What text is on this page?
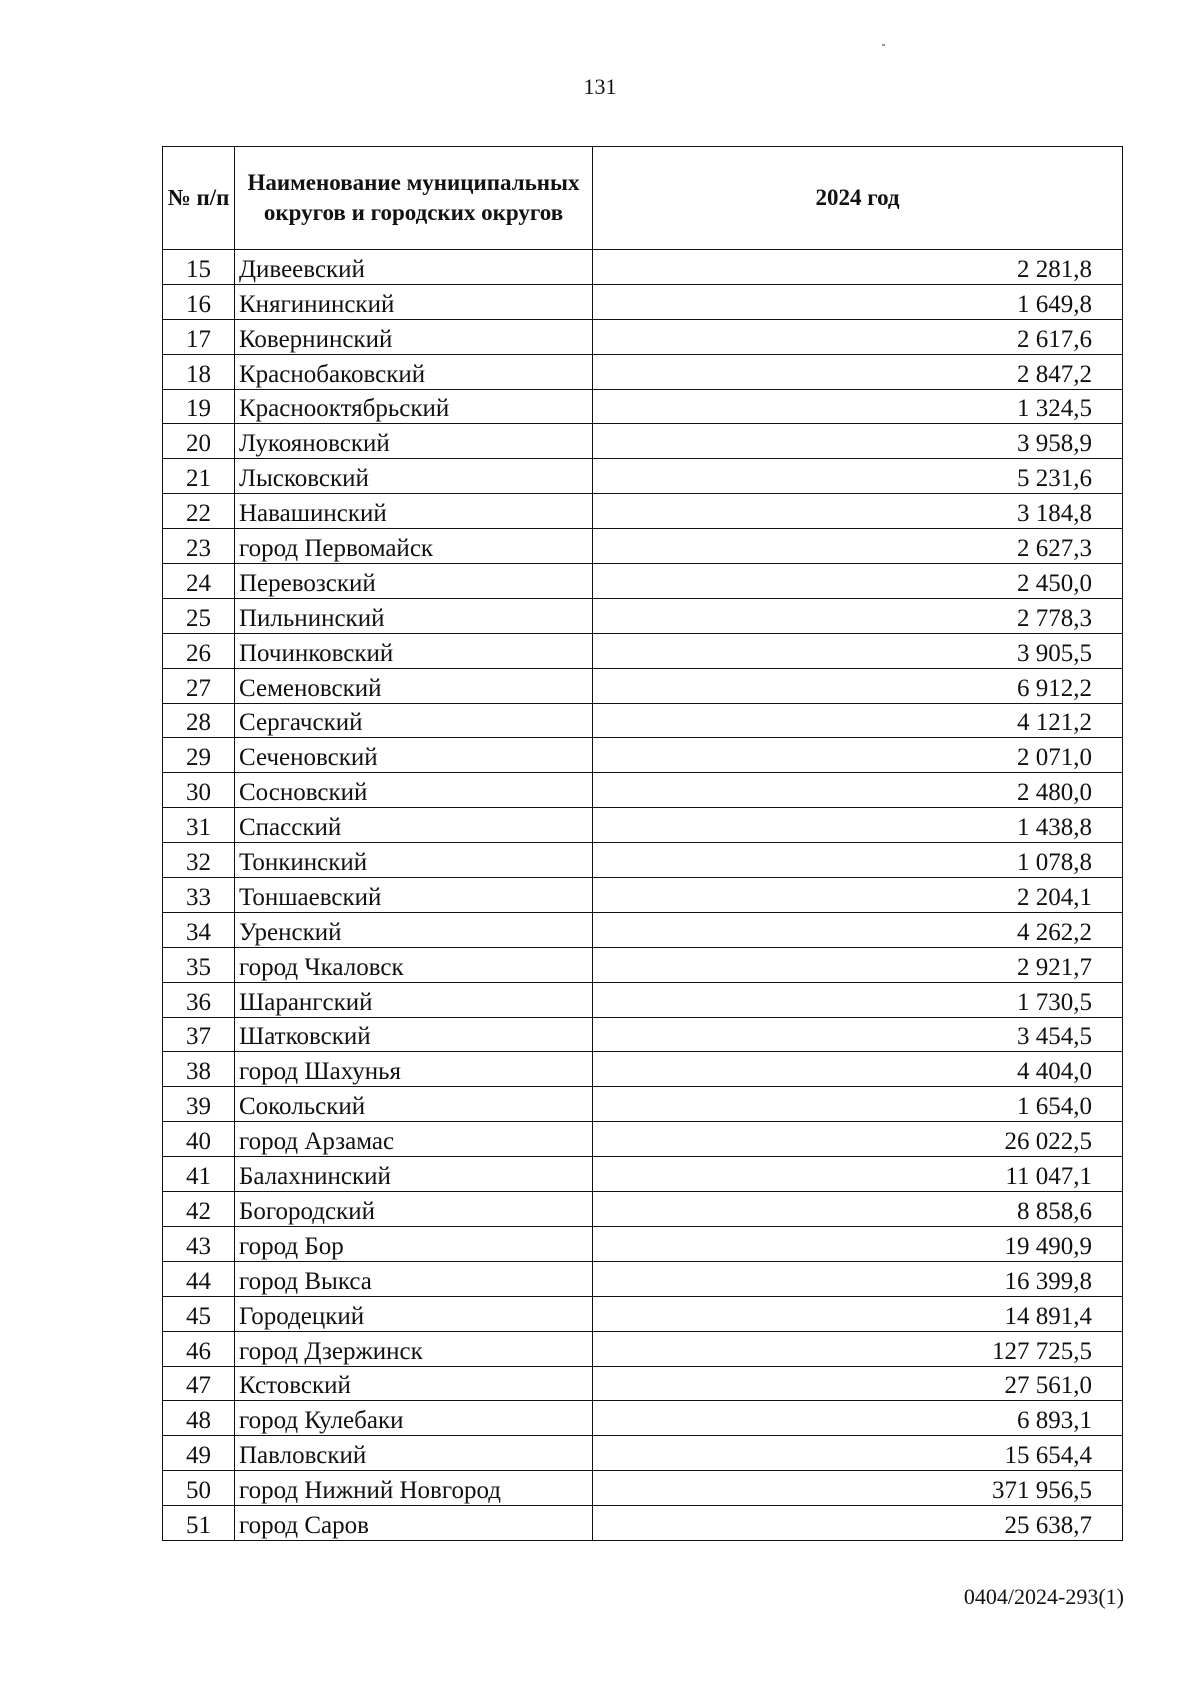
131
№ п/п	Наименование муниципальных округов и городских округов	2024 год
15	Дивеевский	2 281,8
16	Княгининский	1 649,8
17	Ковернинский	2 617,6
18	Краснобаковский	2 847,2
19	Краснооктябрьский	1 324,5
20	Лукояновский	3 958,9
21	Лысковский	5 231,6
22	Навашинский	3 184,8
23	город Первомайск	2 627,3
24	Перевозский	2 450,0
25	Пильнинский	2 778,3
26	Починковский	3 905,5
27	Семеновский	6 912,2
28	Сергачский	4 121,2
29	Сеченовский	2 071,0
30	Сосновский	2 480,0
31	Спасский	1 438,8
32	Тонкинский	1 078,8
33	Тоншаевский	2 204,1
34	Уренский	4 262,2
35	город Чкаловск	2 921,7
36	Шарангский	1 730,5
37	Шатковский	3 454,5
38	город Шахунья	4 404,0
39	Сокольский	1 654,0
40	город Арзамас	26 022,5
41	Балахнинский	11 047,1
42	Богородский	8 858,6
43	город Бор	19 490,9
44	город Выкса	16 399,8
45	Городецкий	14 891,4
46	город Дзержинск	127 725,5
47	Кстовский	27 561,0
48	город Кулебаки	6 893,1
49	Павловский	15 654,4
50	город Нижний Новгород	371 956,5
51	город Саров	25 638,7
0404/2024-293(1)
